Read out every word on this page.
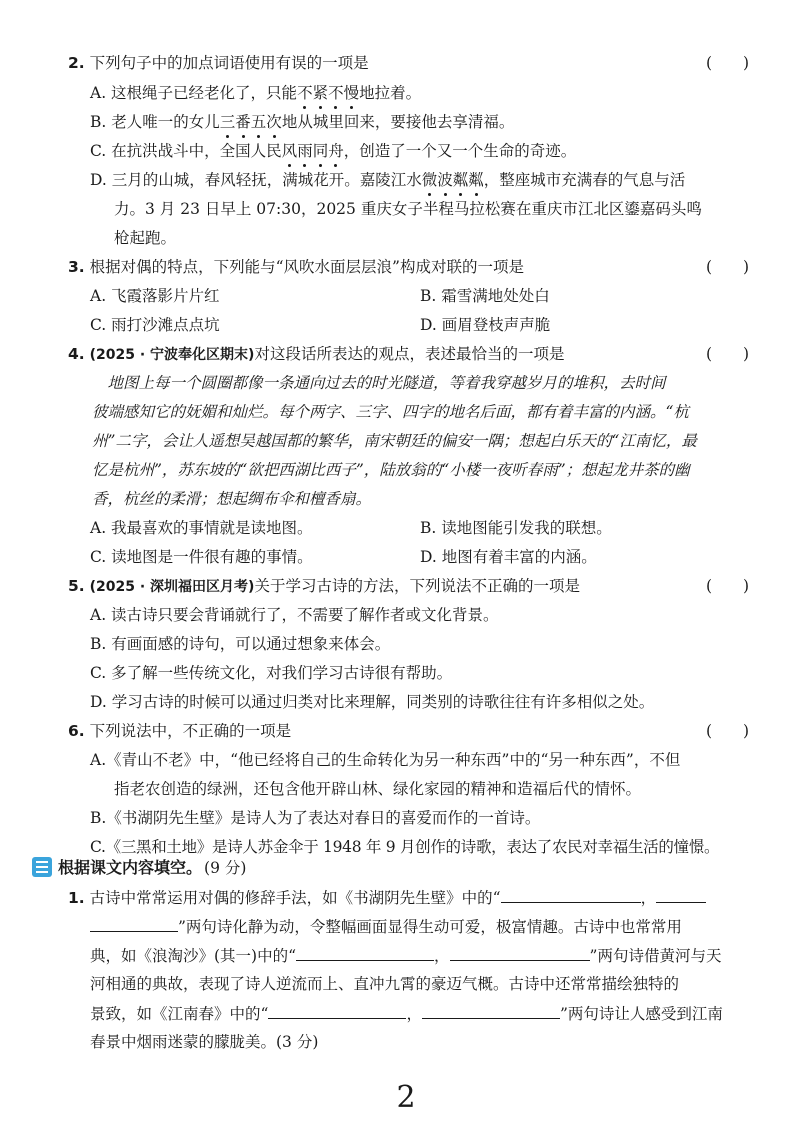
2. 下列句子中的加点词语使用有误的一项是	(　　)
A. 这根绳子已经老化了，只能不紧不慢地拉着。
B. 老人唯一的女儿三番五次地从城里回来，要接他去享清福。
C. 在抗洪战斗中，全国人民风雨同舟，创造了一个又一个生命的奇迹。
D. 三月的山城，春风轻抚，满城花开。嘉陵江水微波粼粼，整座城市充满春的气息与活
力。3 月 23 日早上 07:30，2025 重庆女子半程马拉松赛在重庆市江北区鎏嘉码头鸣
枪起跑。
3. 根据对偶的特点，下列能与“风吹水面层层浪”构成对联的一项是	(　　)
A. 飞霞落影片片红	B. 霜雪满地处处白
C. 雨打沙滩点点坑	D. 画眉登枝声声脆
4. (2025 · 宁波奉化区期末)对这段话所表达的观点，表述最恰当的一项是	(　　)
　地图上每一个圆圈都像一条通向过去的时光隧道，等着我穿越岁月的堆积，去时间
彼端感知它的妩媚和灿烂。每个两字、三字、四字的地名后面，都有着丰富的内涵。“杭
州”二字，会让人遥想吴越国都的繁华，南宋朝廷的偏安一隅；想起白乐天的“江南忆，最
忆是杭州”，苏东坡的“欲把西湖比西子”，陆放翁的“小楼一夜听春雨”；想起龙井茶的幽
香，杭丝的柔滑；想起绸布伞和檀香扇。
A. 我最喜欢的事情就是读地图。	B. 读地图能引发我的联想。
C. 读地图是一件很有趣的事情。	D. 地图有着丰富的内涵。
5. (2025 · 深圳福田区月考)关于学习古诗的方法，下列说法不正确的一项是	(　　)
A. 读古诗只要会背诵就行了，不需要了解作者或文化背景。
B. 有画面感的诗句，可以通过想象来体会。
C. 多了解一些传统文化，对我们学习古诗很有帮助。
D. 学习古诗的时候可以通过归类对比来理解，同类别的诗歌往往有许多相似之处。
6. 下列说法中，不正确的一项是	(　　)
A.《青山不老》中，“他已经将自己的生命转化为另一种东西”中的“另一种东西”，不但
指老农创造的绿洲，还包含他开辟山林、绿化家园的精神和造福后代的情怀。
B.《书湖阴先生壁》是诗人为了表达对春日的喜爱而作的一首诗。
C.《三黑和土地》是诗人苏金伞于 1948 年 9 月创作的诗歌，表达了农民对幸福生活的憧憬。
根据课文内容填空。 (9 分)
1. 古诗中常常运用对偶的修辞手法，如《书湖阴先生壁》中的“	，
”两句诗化静为动，令整幅画面显得生动可爱，极富情趣。古诗中也常常用
典，如《浪淘沙》(其一)中的“	，	”两句诗借黄河与天
河相通的典故，表现了诗人逆流而上、直冲九霄的豪迈气概。古诗中还常常描绘独特的
景致，如《江南春》中的“	，	”两句诗让人感受到江南
春景中烟雨迷蒙的朦胧美。(3 分)
2
